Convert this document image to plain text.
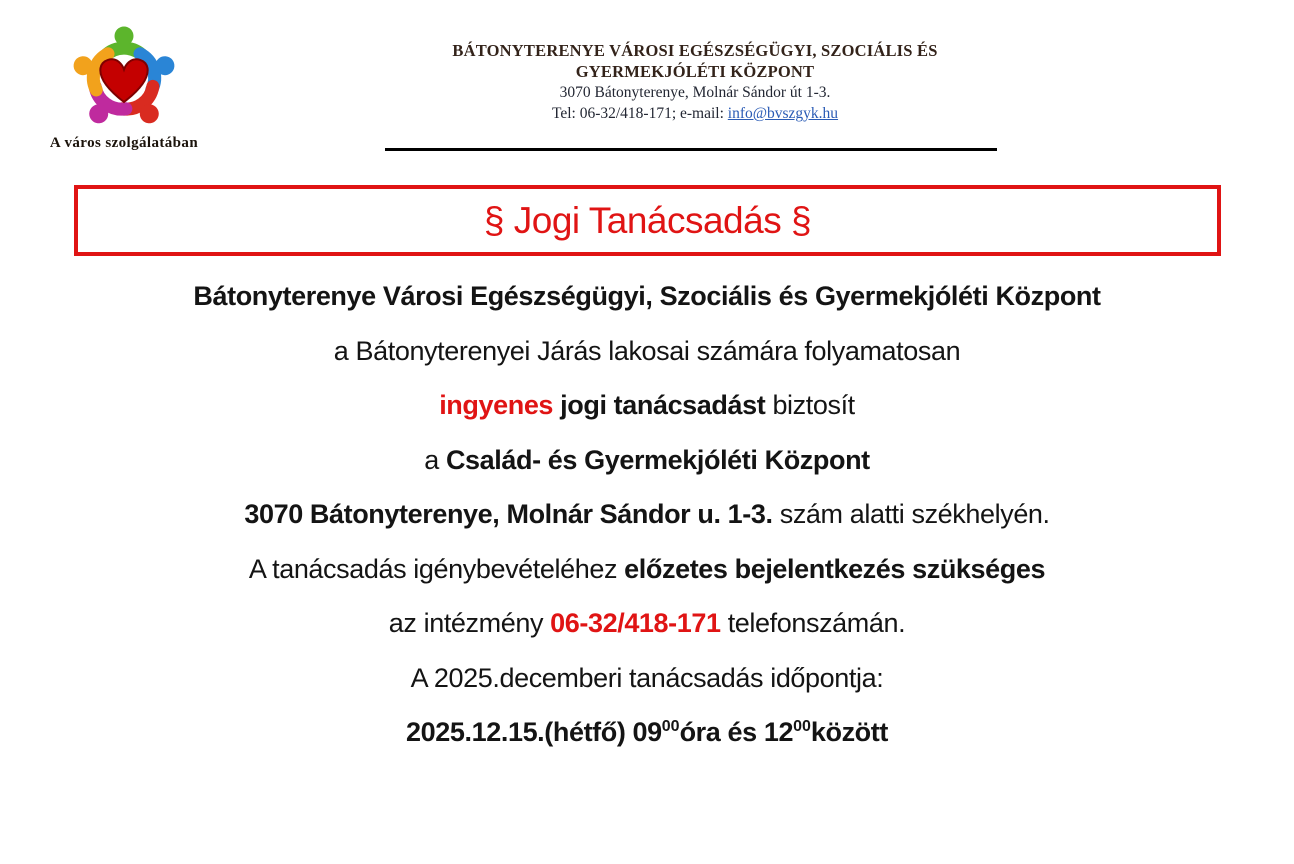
A város szolgálatában
BÁTONYTERENYE VÁROSI EGÉSZSÉGÜGYI, SZOCIÁLIS ÉS
GYERMEKJÓLÉTI KÖZPONT
3070 Bátonyterenye, Molnár Sándor út 1-3.
Tel: 06-32/418-171; e-mail: info@bvszgyk.hu
§ Jogi Tanácsadás §
Bátonyterenye Városi Egészségügyi, Szociális és Gyermekjóléti Központ
a Bátonyterenyei Járás lakosai számára folyamatosan
ingyenes jogi tanácsadást biztosít
a Család- és Gyermekjóléti Központ
3070 Bátonyterenye, Molnár Sándor u. 1-3. szám alatti székhelyén.
A tanácsadás igénybevételéhez előzetes bejelentkezés szükséges
az intézmény 06-32/418-171 telefonszámán.
A 2025.decemberi tanácsadás időpontja:
2025.12.15.(hétfő) $09^{00}óra$ és $12^{00}között$
